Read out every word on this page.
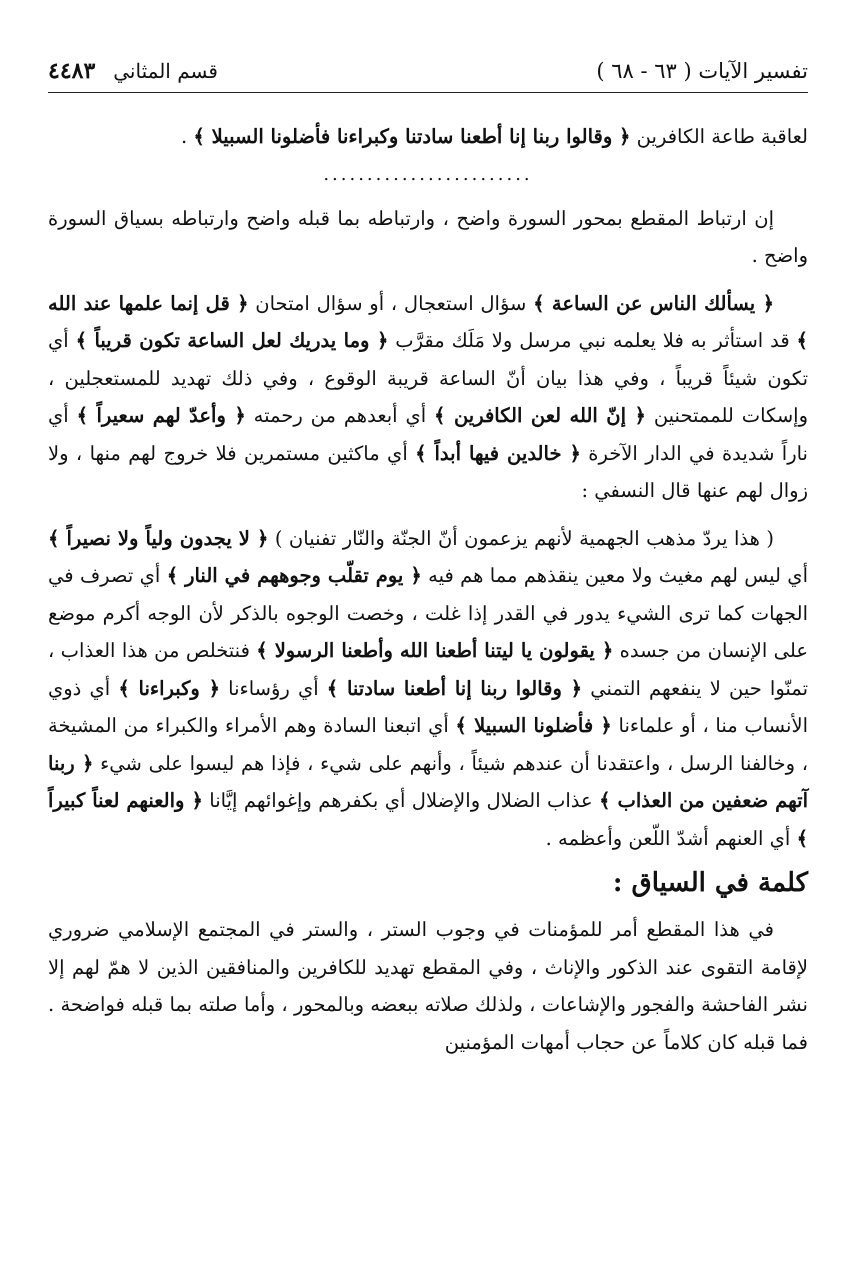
تفسير الآيات ( ٦٣ - ٦٨ )
قسم المثاني
٤٤٨٣

لعاقبة طاعة الكافرين ﴿ وقالوا ربنا إنا أطعنا سادتنا وكبراءنا فأضلونا السبيلا ﴾ .

........................

إن ارتباط المقطع بمحور السورة واضح ، وارتباطه بما قبله واضح وارتباطه بسياق السورة واضح .

﴿ يسألك الناس عن الساعة ﴾ سؤال استعجال ، أو سؤال امتحان ﴿ قل إنما علمها عند الله ﴾ قد استأثر به فلا يعلمه نبي مرسل ولا مَلَك مقرَّب ﴿ وما يدريك لعل الساعة تكون قريباً ﴾ أي تكون شيئاً قريباً ، وفي هذا بيان أنّ الساعة قريبة الوقوع ، وفي ذلك تهديد للمستعجلين ، وإسكات للممتحنين ﴿ إنّ الله لعن الكافرين ﴾ أي أبعدهم من رحمته ﴿ وأعدّ لهم سعيراً ﴾ أي ناراً شديدة في الدار الآخرة ﴿ خالدين فيها أبداً ﴾ أي ماكثين مستمرين فلا خروج لهم منها ، ولا زوال لهم عنها قال النسفي :

( هذا يردّ مذهب الجهمية لأنهم يزعمون أنّ الجنّة والنّار تفنيان ) ﴿ لا يجدون ولياً ولا نصيراً ﴾ أي ليس لهم مغيث ولا معين ينقذهم مما هم فيه ﴿ يوم تقلّب وجوههم في النار ﴾ أي تصرف في الجهات كما ترى الشيء يدور في القدر إذا غلت ، وخصت الوجوه بالذكر لأن الوجه أكرم موضع على الإنسان من جسده ﴿ يقولون يا ليتنا أطعنا الله وأطعنا الرسولا ﴾ فنتخلص من هذا العذاب ، تمنّوا حين لا ينفعهم التمني ﴿ وقالوا ربنا إنا أطعنا سادتنا ﴾ أي رؤساءنا ﴿ وكبراءنا ﴾ أي ذوي الأنساب منا ، أو علماءنا ﴿ فأضلونا السبيلا ﴾ أي اتبعنا السادة وهم الأمراء والكبراء من المشيخة ، وخالفنا الرسل ، واعتقدنا أن عندهم شيئاً ، وأنهم على شيء ، فإذا هم ليسوا على شيء ﴿ ربنا آتهم ضعفين من العذاب ﴾ عذاب الضلال والإضلال أي بكفرهم وإغوائهم إيَّانا ﴿ والعنهم لعناً كبيراً ﴾ أي العنهم أشدّ اللّعن وأعظمه .

كلمة في السياق :

في هذا المقطع أمر للمؤمنات في وجوب الستر ، والستر في المجتمع الإسلامي ضروري لإقامة التقوى عند الذكور والإناث ، وفي المقطع تهديد للكافرين والمنافقين الذين لا همّ لهم إلا نشر الفاحشة والفجور والإشاعات ، ولذلك صلاته ببعضه وبالمحور ، وأما صلته بما قبله فواضحة . فما قبله كان كلاماً عن حجاب أمهات المؤمنين
